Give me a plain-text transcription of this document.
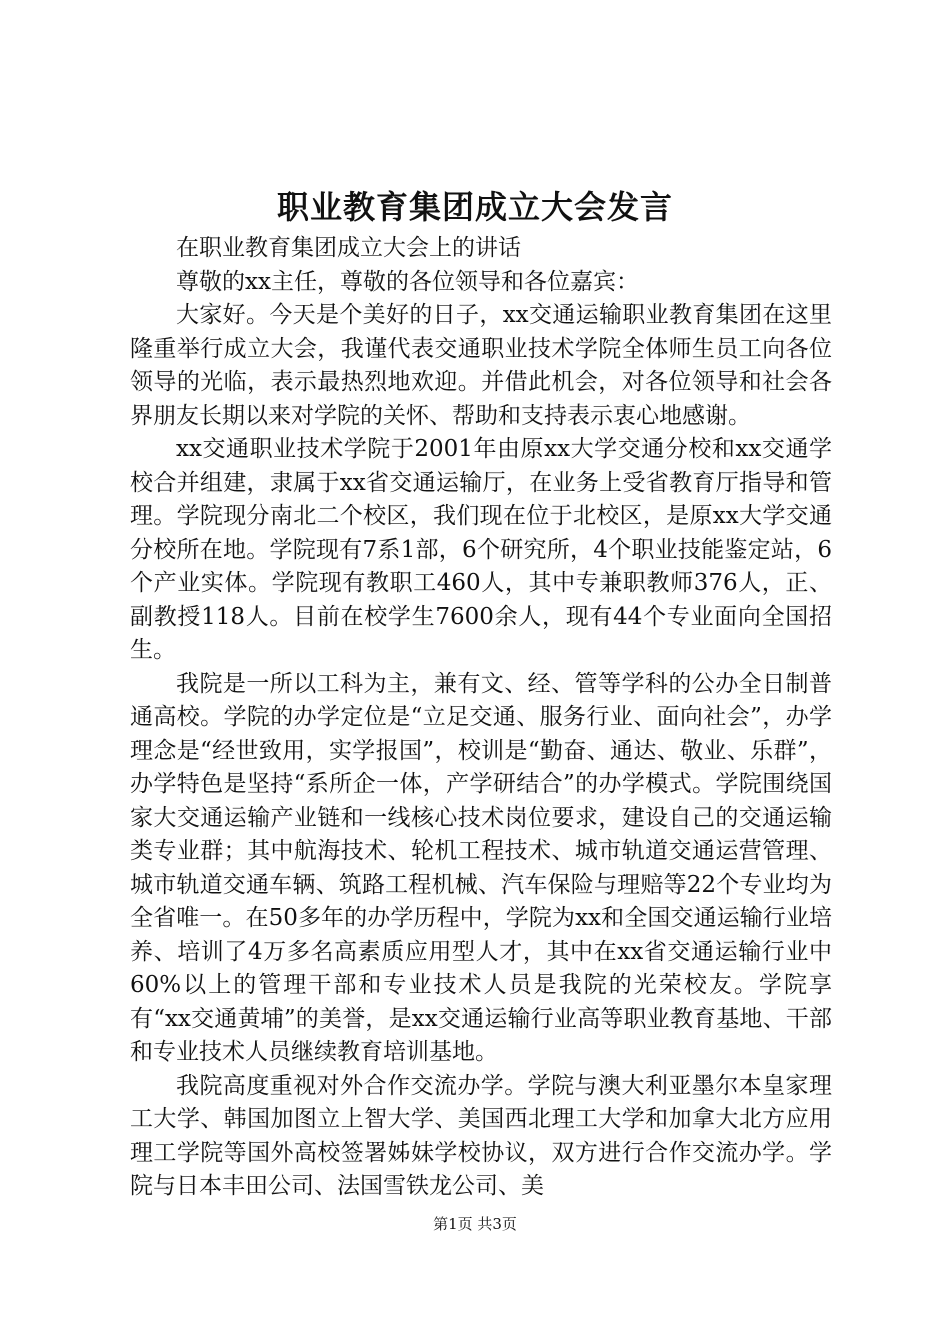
职业教育集团成立大会发言

在职业教育集团成立大会上的讲话

尊敬的xx主任，尊敬的各位领导和各位嘉宾：

大家好。今天是个美好的日子，xx交通运输职业教育集团在这里隆重举行成立大会，我谨代表交通职业技术学院全体师生员工向各位领导的光临，表示最热烈地欢迎。并借此机会，对各位领导和社会各界朋友长期以来对学院的关怀、帮助和支持表示衷心地感谢。

xx交通职业技术学院于2001年由原xx大学交通分校和xx交通学校合并组建，隶属于xx省交通运输厅，在业务上受省教育厅指导和管理。学院现分南北二个校区，我们现在位于北校区，是原xx大学交通分校所在地。学院现有7系1部，6个研究所，4个职业技能鉴定站，6个产业实体。学院现有教职工460人，其中专兼职教师376人，正、副教授118人。目前在校学生7600余人，现有44个专业面向全国招生。

我院是一所以工科为主，兼有文、经、管等学科的公办全日制普通高校。学院的办学定位是“立足交通、服务行业、面向社会”，办学理念是“经世致用，实学报国”，校训是“勤奋、通达、敬业、乐群”，办学特色是坚持“系所企一体，产学研结合”的办学模式。学院围绕国家大交通运输产业链和一线核心技术岗位要求，建设自己的交通运输类专业群；其中航海技术、轮机工程技术、城市轨道交通运营管理、城市轨道交通车辆、筑路工程机械、汽车保险与理赔等22个专业均为全省唯一。在50多年的办学历程中，学院为xx和全国交通运输行业培养、培训了4万多名高素质应用型人才，其中在xx省交通运输行业中60%以上的管理干部和专业技术人员是我院的光荣校友。学院享有“xx交通黄埔”的美誉，是xx交通运输行业高等职业教育基地、干部和专业技术人员继续教育培训基地。

我院高度重视对外合作交流办学。学院与澳大利亚墨尔本皇家理工大学、韩国加图立上智大学、美国西北理工大学和加拿大北方应用理工学院等国外高校签署姊妹学校协议，双方进行合作交流办学。学院与日本丰田公司、法国雪铁龙公司、美

第1页 共3页
